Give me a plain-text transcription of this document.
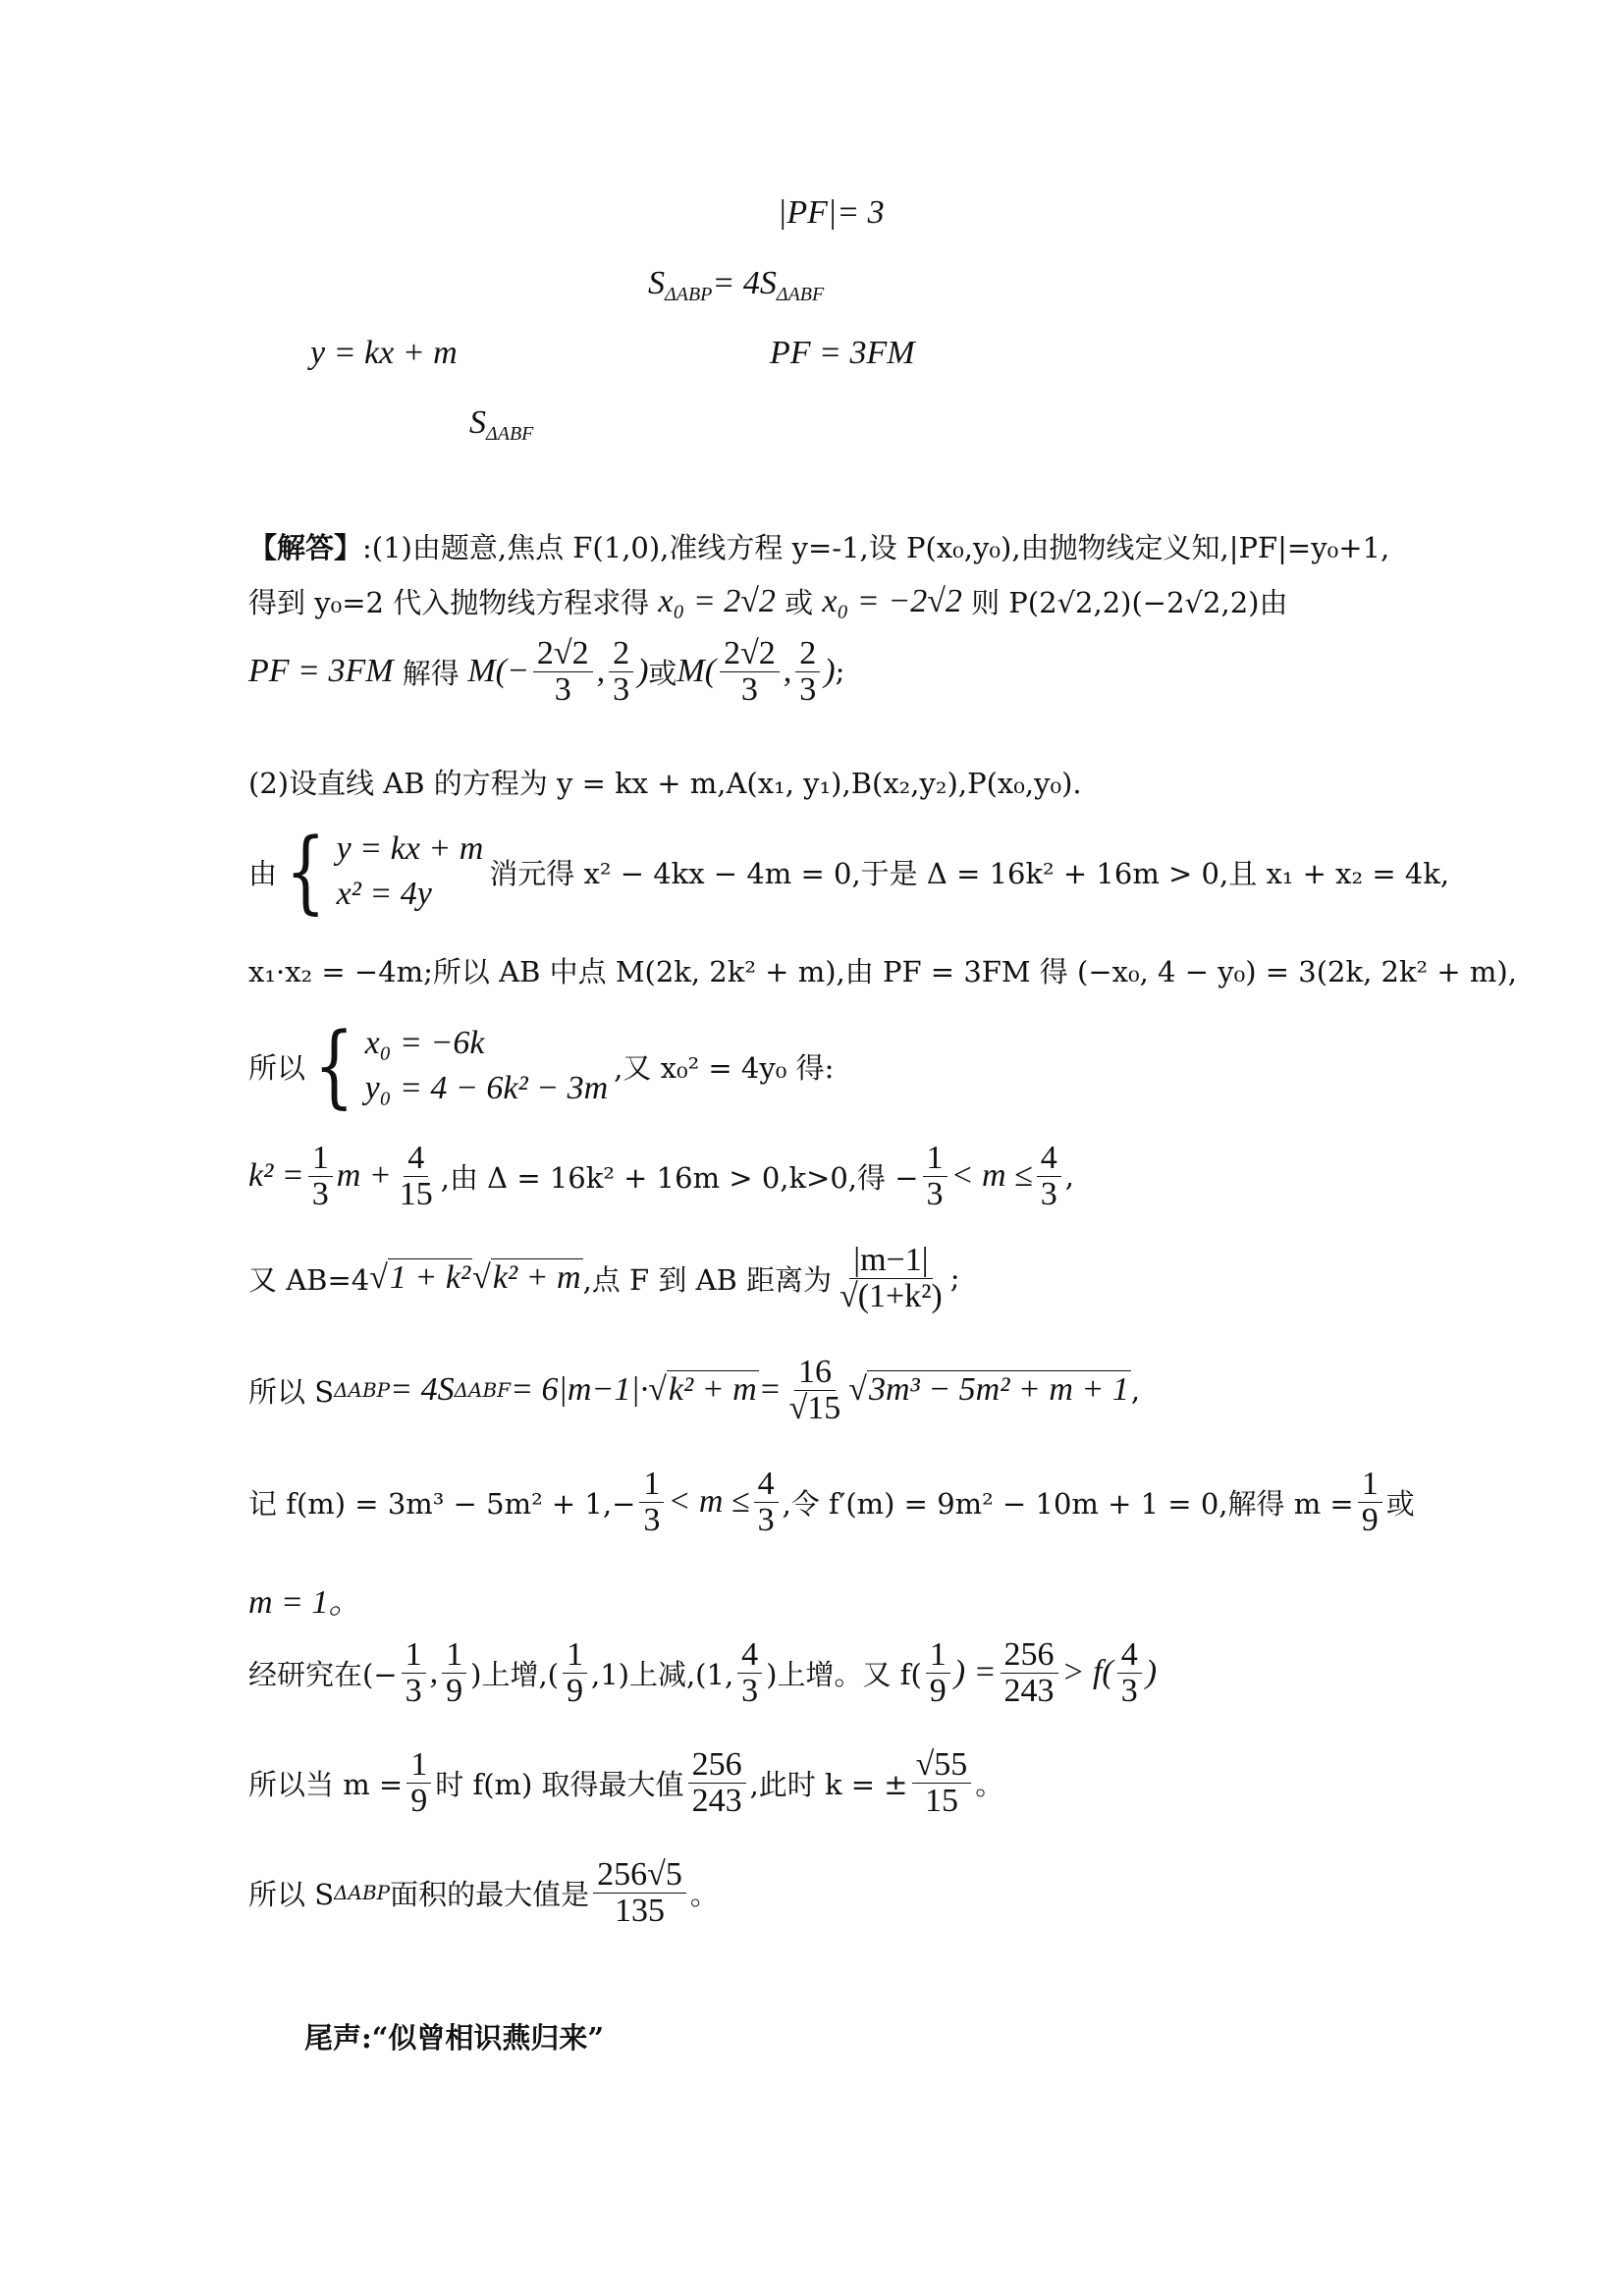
|PF|= 3
$S_{\Delta ABP}= 4S_{\Delta ABF}$
y = kx + m	PF = 3FM
$S_{\Delta ABF}$
【解答】 :(1)由题意,焦点 F(1,0),准线方程 y=-1,设 P(x₀,y₀),由抛物线定义知,|PF|=y₀+1,
得到 y₀=2 代入抛物线方程求得
x₀ = 2√2
或
x₀ = −2√2
则 P(2√2,2)(−2√2,2)由
PF = 3FM
解得 $M(- \frac{2√2}{3}$ , $\frac{2}{3}$ ) 或 $M( \frac{2√2}{3}$ , $\frac{2}{3}$ ) ;
(2)设直线 AB 的方程为 y = kx + m,A(x₁, y₁),B(x₂,y₂),P(x₀,y₀).
由 { y = kx + m
x² = 4y
消元得 x² − 4kx − 4m = 0,于是 Δ = 16k² + 16m > 0,且 x₁ + x₂ = 4k,
x₁·x₂ = −4m;所以 AB 中点 M(2k, 2k² + m),由 PF = 3FM 得 (−x₀, 4 − y₀) = 3(2k, 2k² + m),
所以 { x₀ = −6k
y₀ = 4 − 6k² − 3m
,又 x₀² = 4y₀ 得:
$k^2 = \frac{1}{3}$ $m + \frac{4}{15}$ ,由 Δ = 16k² + 16m > 0,k>0,得 − $\frac{1}{3} < m \le \frac{4}{3}$ ,
又 AB=4 √1 + k²√k² + m ,点 F 到 AB 距离为 $\frac{|m-1|}{\text{√(1+k²)}}$ ;
所以 S ΔABP = 4S $\Delta ABF = 6|m-1|\cdot √k^2 + m = \frac{16}{√15} √3m^3 - 5m^2 + m + 1$ ,
记 $f(m) = 3m^3 - 5m^2 + 1,- \frac{1}{3} < m \le \frac{4}{3}$ ,令 f′(m) = 9m² − 10m + 1 = 0,解得 $m = \frac{1}{9}$ 或
m = 1。
经研究在(− $\frac{1}{3}$ , $\frac{1}{9}$ )上增,( $\frac{1}{9} ,1$)上减,(1, $\frac{4}{3}$ )上增。又 $f( \frac{1}{9}$ ) = $\frac{256}{243} > f( \frac{4}{3}$ )
所以当 $m = \frac{1}{9}$ 时 f(m) 取得最大值 $\frac{256}{243}$ ,此时 k = ± $\frac{√55}{15}$ 。
所以 S ΔABP 面积的最大值是 $\frac{256√5}{135}$ 。
尾声:“似曾相识燕归来”
